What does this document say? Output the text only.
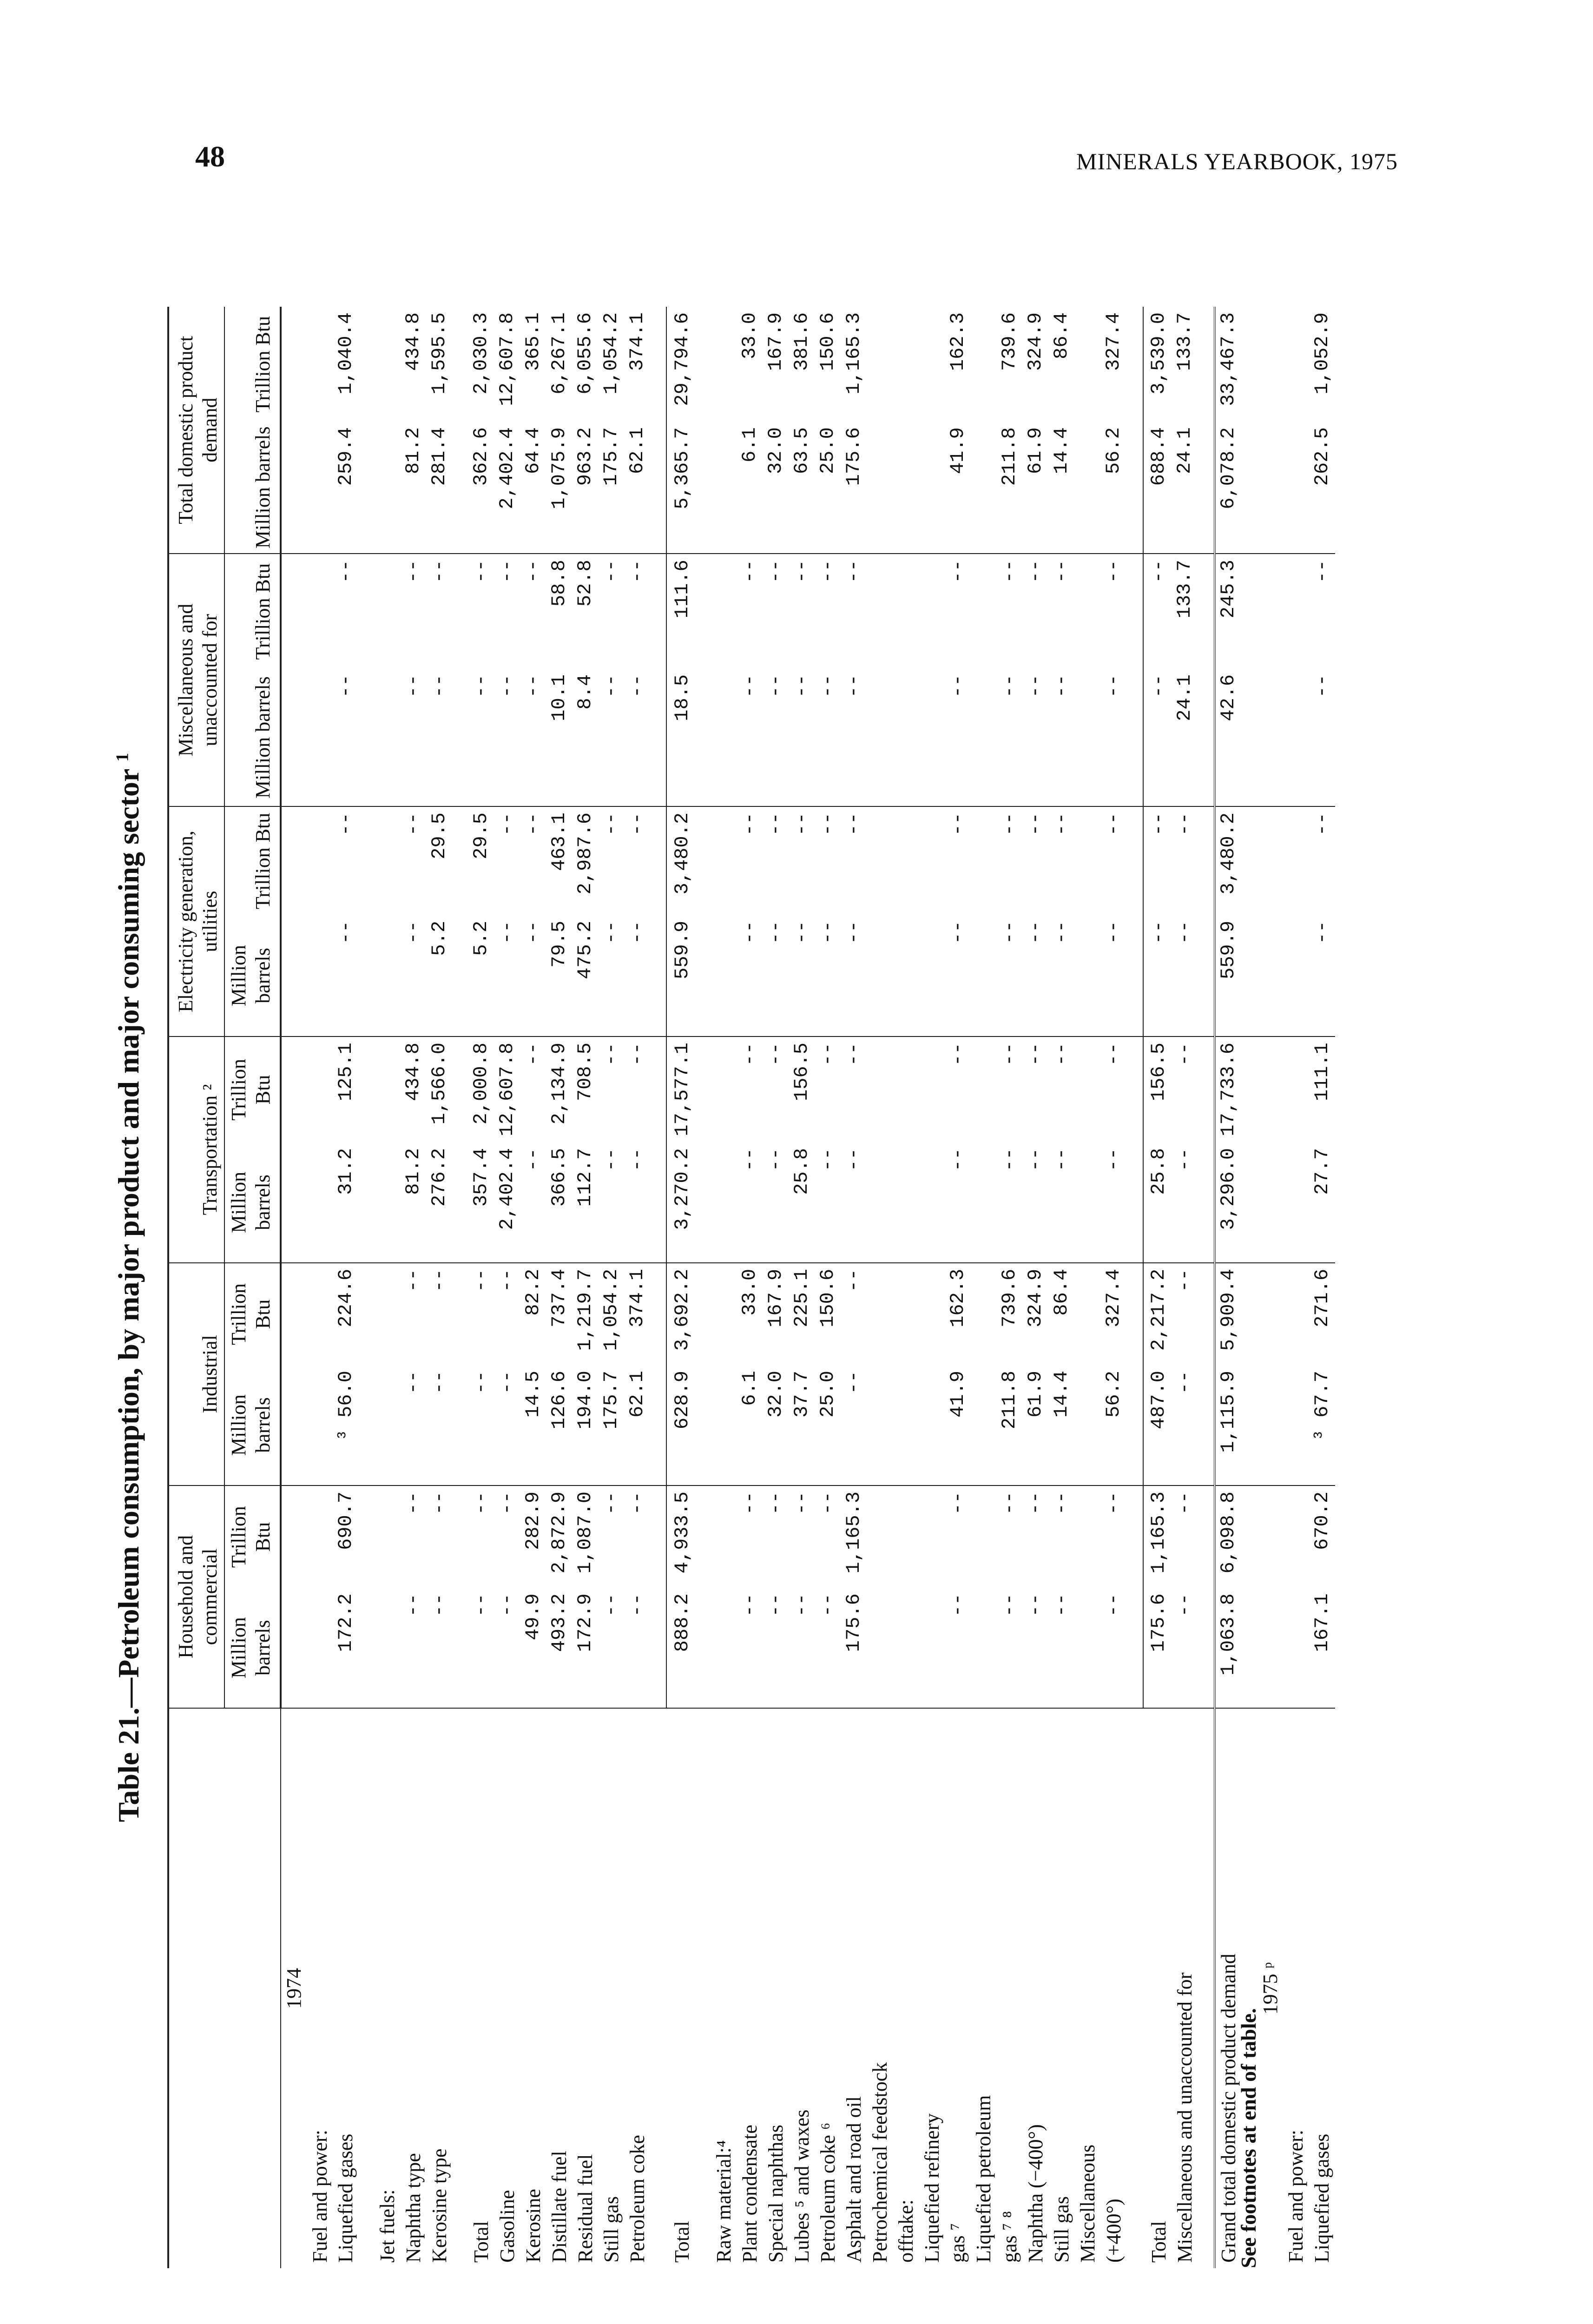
48	MINERALS YEARBOOK, 1975
Table 21.—Petroleum consumption, by major product and major consuming sector $^1$
	Household and commercial		Industrial		Transportation ²		Electricity generation, utilities		Miscellaneous and unaccounted for		Total domestic product demand	
	Million barrels	Trillion Btu	Million barrels	Trillion Btu	Million barrels	Trillion Btu	Million barrels	Trillion Btu	Million barrels	Trillion Btu	Million barrels	Trillion Btu
1974												
Fuel and power:												
Liquefied gases	172.2	690.7	³ 56.0	224.6	31.2	125.1	--	--	--	--	259.4	1,040.4

Jet fuels:												
Naphtha type	--	--	--	--	81.2	434.8	--	--	--	--	81.2	434.8
Kerosine type	--	--	--	--	276.2	1,566.0	5.2	29.5	--	--	281.4	1,595.5

Total	--	--	--	--	357.4	2,000.8	5.2	29.5	--	--	362.6	2,030.3
Gasoline	--	--	--	--	2,402.4	12,607.8	--	--	--	--	2,402.4	12,607.8
Kerosine	49.9	282.9	14.5	82.2	--	--	--	--	--	--	64.4	365.1
Distillate fuel	493.2	2,872.9	126.6	737.4	366.5	2,134.9	79.5	463.1	10.1	58.8	1,075.9	6,267.1
Residual fuel	172.9	1,087.0	194.0	1,219.7	112.7	708.5	475.2	2,987.6	8.4	52.8	963.2	6,055.6
Still gas	--	--	175.7	1,054.2	--	--	--	--	--	--	175.7	1,054.2
Petroleum coke	--	--	62.1	374.1	--	--	--	--	--	--	62.1	374.1

Total	888.2	4,933.5	628.9	3,692.2	3,270.2	17,577.1	559.9	3,480.2	18.5	111.6	5,365.7	29,794.6

Raw material:⁴												
Plant condensate	--	--	6.1	33.0	--	--	--	--	--	--	6.1	33.0
Special naphthas	--	--	32.0	167.9	--	--	--	--	--	--	32.0	167.9
Lubes ⁵ and waxes	--	--	37.7	225.1	25.8	156.5	--	--	--	--	63.5	381.6
Petroleum coke ⁶	--	--	25.0	150.6	--	--	--	--	--	--	25.0	150.6
Asphalt and road oil	175.6	1,165.3	--	--	--	--	--	--	--	--	175.6	1,165.3
Petrochemical feedstock												
offtake:												
Liquefied refinery												
gas ⁷	--	--	41.9	162.3	--	--	--	--	--	--	41.9	162.3
Liquefied petroleum												
gas ⁷ ⁸	--	--	211.8	739.6	--	--	--	--	--	--	211.8	739.6
Naphtha (−400°)	--	--	61.9	324.9	--	--	--	--	--	--	61.9	324.9
Still gas	--	--	14.4	86.4	--	--	--	--	--	--	14.4	86.4
Miscellaneous												
(+400°)	--	--	56.2	327.4	--	--	--	--	--	--	56.2	327.4

Total	175.6	1,165.3	487.0	2,217.2	25.8	156.5	--	--	--	--	688.4	3,539.0
Miscellaneous and unaccounted for	--	--	--	--	--	--	--	--	24.1	133.7	24.1	133.7

Grand total domestic product demand	1,063.8	6,098.8	1,115.9	5,909.4	3,296.0	17,733.6	559.9	3,480.2	42.6	245.3	6,078.2	33,467.3

1975 ᵖ												
Fuel and power:												
Liquefied gases	167.1	670.2	³ 67.7	271.6	27.7	111.1	--	--	--	--	262.5	1,052.9
See footnotes at end of table.
